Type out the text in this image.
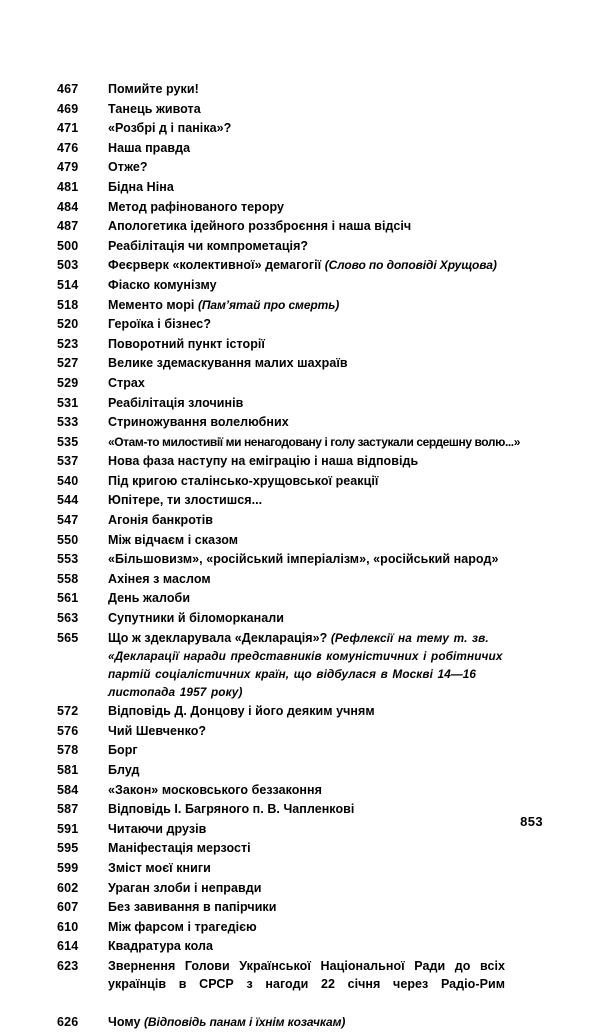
467	Помийте руки!
469	Танець живота
471	«Розбрі д і паніка»?
476	Наша правда
479	Отже?
481	Бідна Ніна
484	Метод рафінованого терору
487	Апологетика ідейного роззброєння і наша відсіч
500	Реабілітація чи компрометація?
503	Феєрверк «колективної» демагогії (Слово по доповіді Хрущова)
514	Фіаско комунізму
518	Мементо морі (Пам’ятай про смерть)
520	Героїка і бізнес?
523	Поворотний пункт історії
527	Велике здемаскування малих шахраїв
529	Страх
531	Реабілітація злочинів
533	Стриножування волелюбних
535	«Отам-то милостивії ми ненагодовану і голу застукали сердешну волю...»
537	Нова фаза наступу на еміграцію і наша відповідь
540	Під кригою сталінсько-хрущовської реакції
544	Юпітере, ти злостишся...
547	Агонія банкротів
550	Між відчаєм і сказом
553	«Більшовизм», «російський імперіалізм», «російський народ»
558	Ахінея з маслом
561	День жалоби
563	Супутники й біломорканали
565	Що ж здекларувала «Декларація»? (Рефлексії на тему т. зв. «Декларації наради представників комуністичних і робітничих партій соціалістичних країн, що відбулася в Москві 14—16 листопада 1957 року)
572	Відповідь Д. Донцову і його деяким учням
576	Чий Шевченко?
578	Борг
581	Блуд
584	«Закон» московського беззаконня
587	Відповідь І. Багряного п. В. Чапленкові
591	Читаючи друзів
595	Маніфестація мерзості
599	Зміст моєї книги
602	Ураган злоби і неправди
607	Без завивання в папірчики
610	Між фарсом і трагедією
614	Квадратура кола
623	Звернення Голови Української Національної Ради до всіх українців в СРСР з нагоди 22 січня через Радіо-Рим
626	Чому (Відповідь панам і їхнім козачкам)
853
